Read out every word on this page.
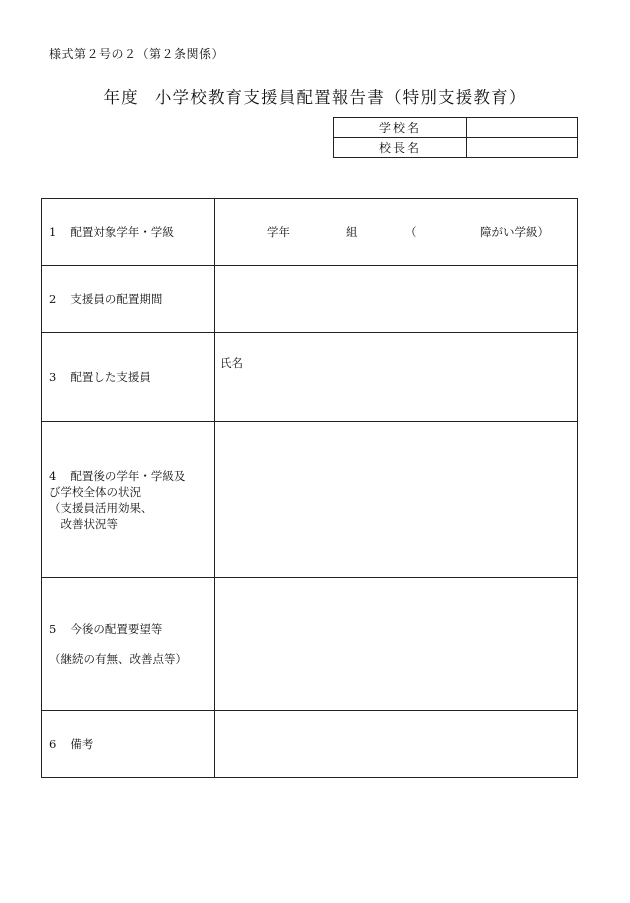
様式第２号の２（第２条関係）
年度 小学校教育支援員配置報告書（特別支援教育）
学校名	
校長名	
1 配置対象学年・学級	学年 組 （ 障がい学級）

2 支援員の配置期間	
3 配置した支援員	氏名

4 配置後の学年・学級及
び学校全体の状況
（支援員活用効果、
　改善状況等	

5 今後の配置要望等
（継続の有無、改善点等）	

6 備考	
